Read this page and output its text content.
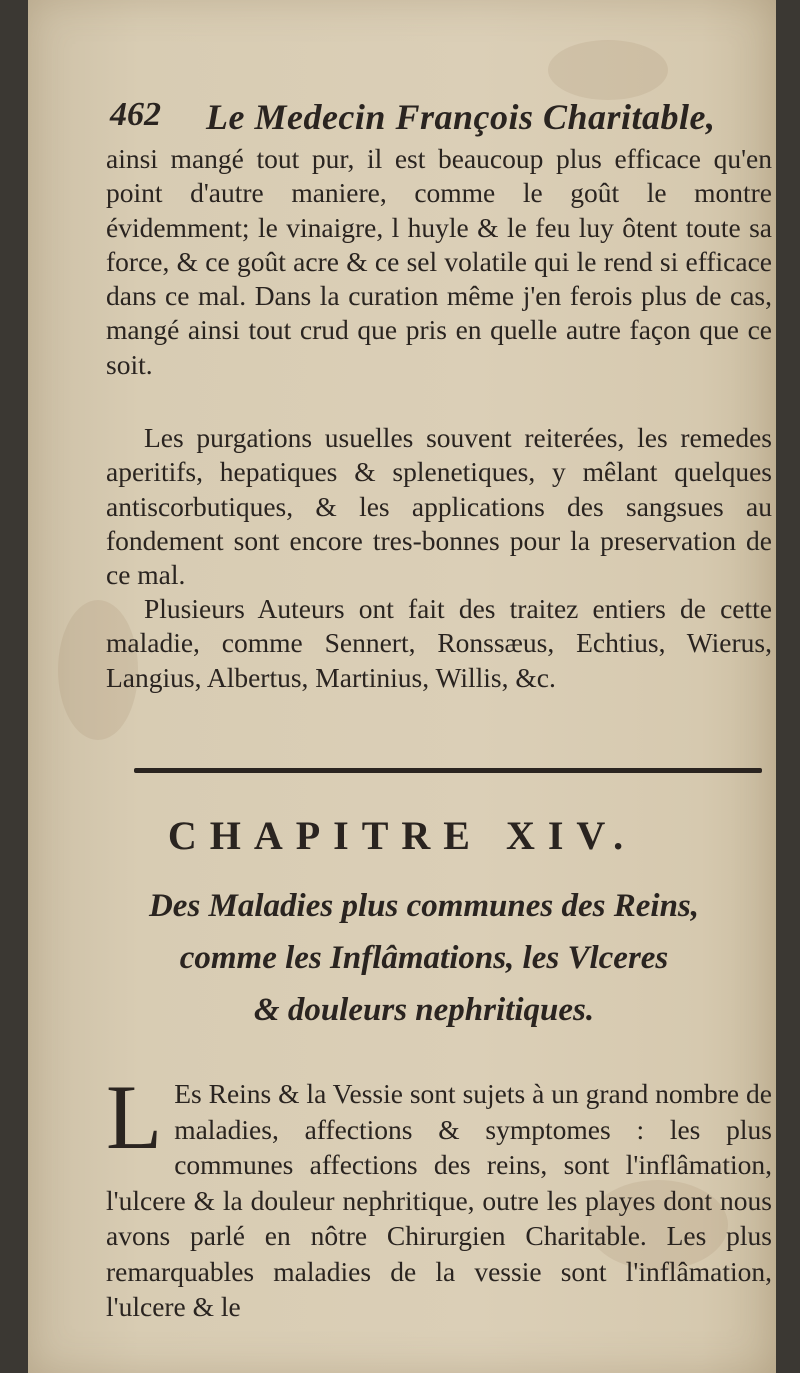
462 Le Medecin François Charitable,

ainsi mangé tout pur, il est beaucoup plus efficace qu'en point d'autre maniere, comme le goût le montre évidemment; le vinaigre, l huyle & le feu luy ôtent toute sa force, & ce goût acre & ce sel volatile qui le rend si efficace dans ce mal. Dans la curation même j'en ferois plus de cas, mangé ainsi tout crud que pris en quelle autre façon que ce soit.

Les purgations usuelles souvent reiterées, les remedes aperitifs, hepatiques & splenetiques, y mêlant quelques antiscorbutiques, & les applications des sangsues au fondement sont encore tres-bonnes pour la preservation de ce mal.

Plusieurs Auteurs ont fait des traitez entiers de cette maladie, comme Sennert, Ronssæus, Echtius, Wierus, Langius, Albertus, Martinius, Willis, &c.

CHAPITRE XIV.
Des Maladies plus communes des Reins,
comme les Inflâmations, les Vlceres
& douleurs nephritiques.
L Es Reins & la Vessie sont sujets à un grand nombre de maladies, affections & symptomes : les plus communes affections des reins, sont l'inflâmation, l'ulcere & la douleur nephritique, outre les playes dont nous avons parlé en nôtre Chirurgien Charitable. Les plus remarquables maladies de la vessie sont l'inflâmation, l'ulcere & le
